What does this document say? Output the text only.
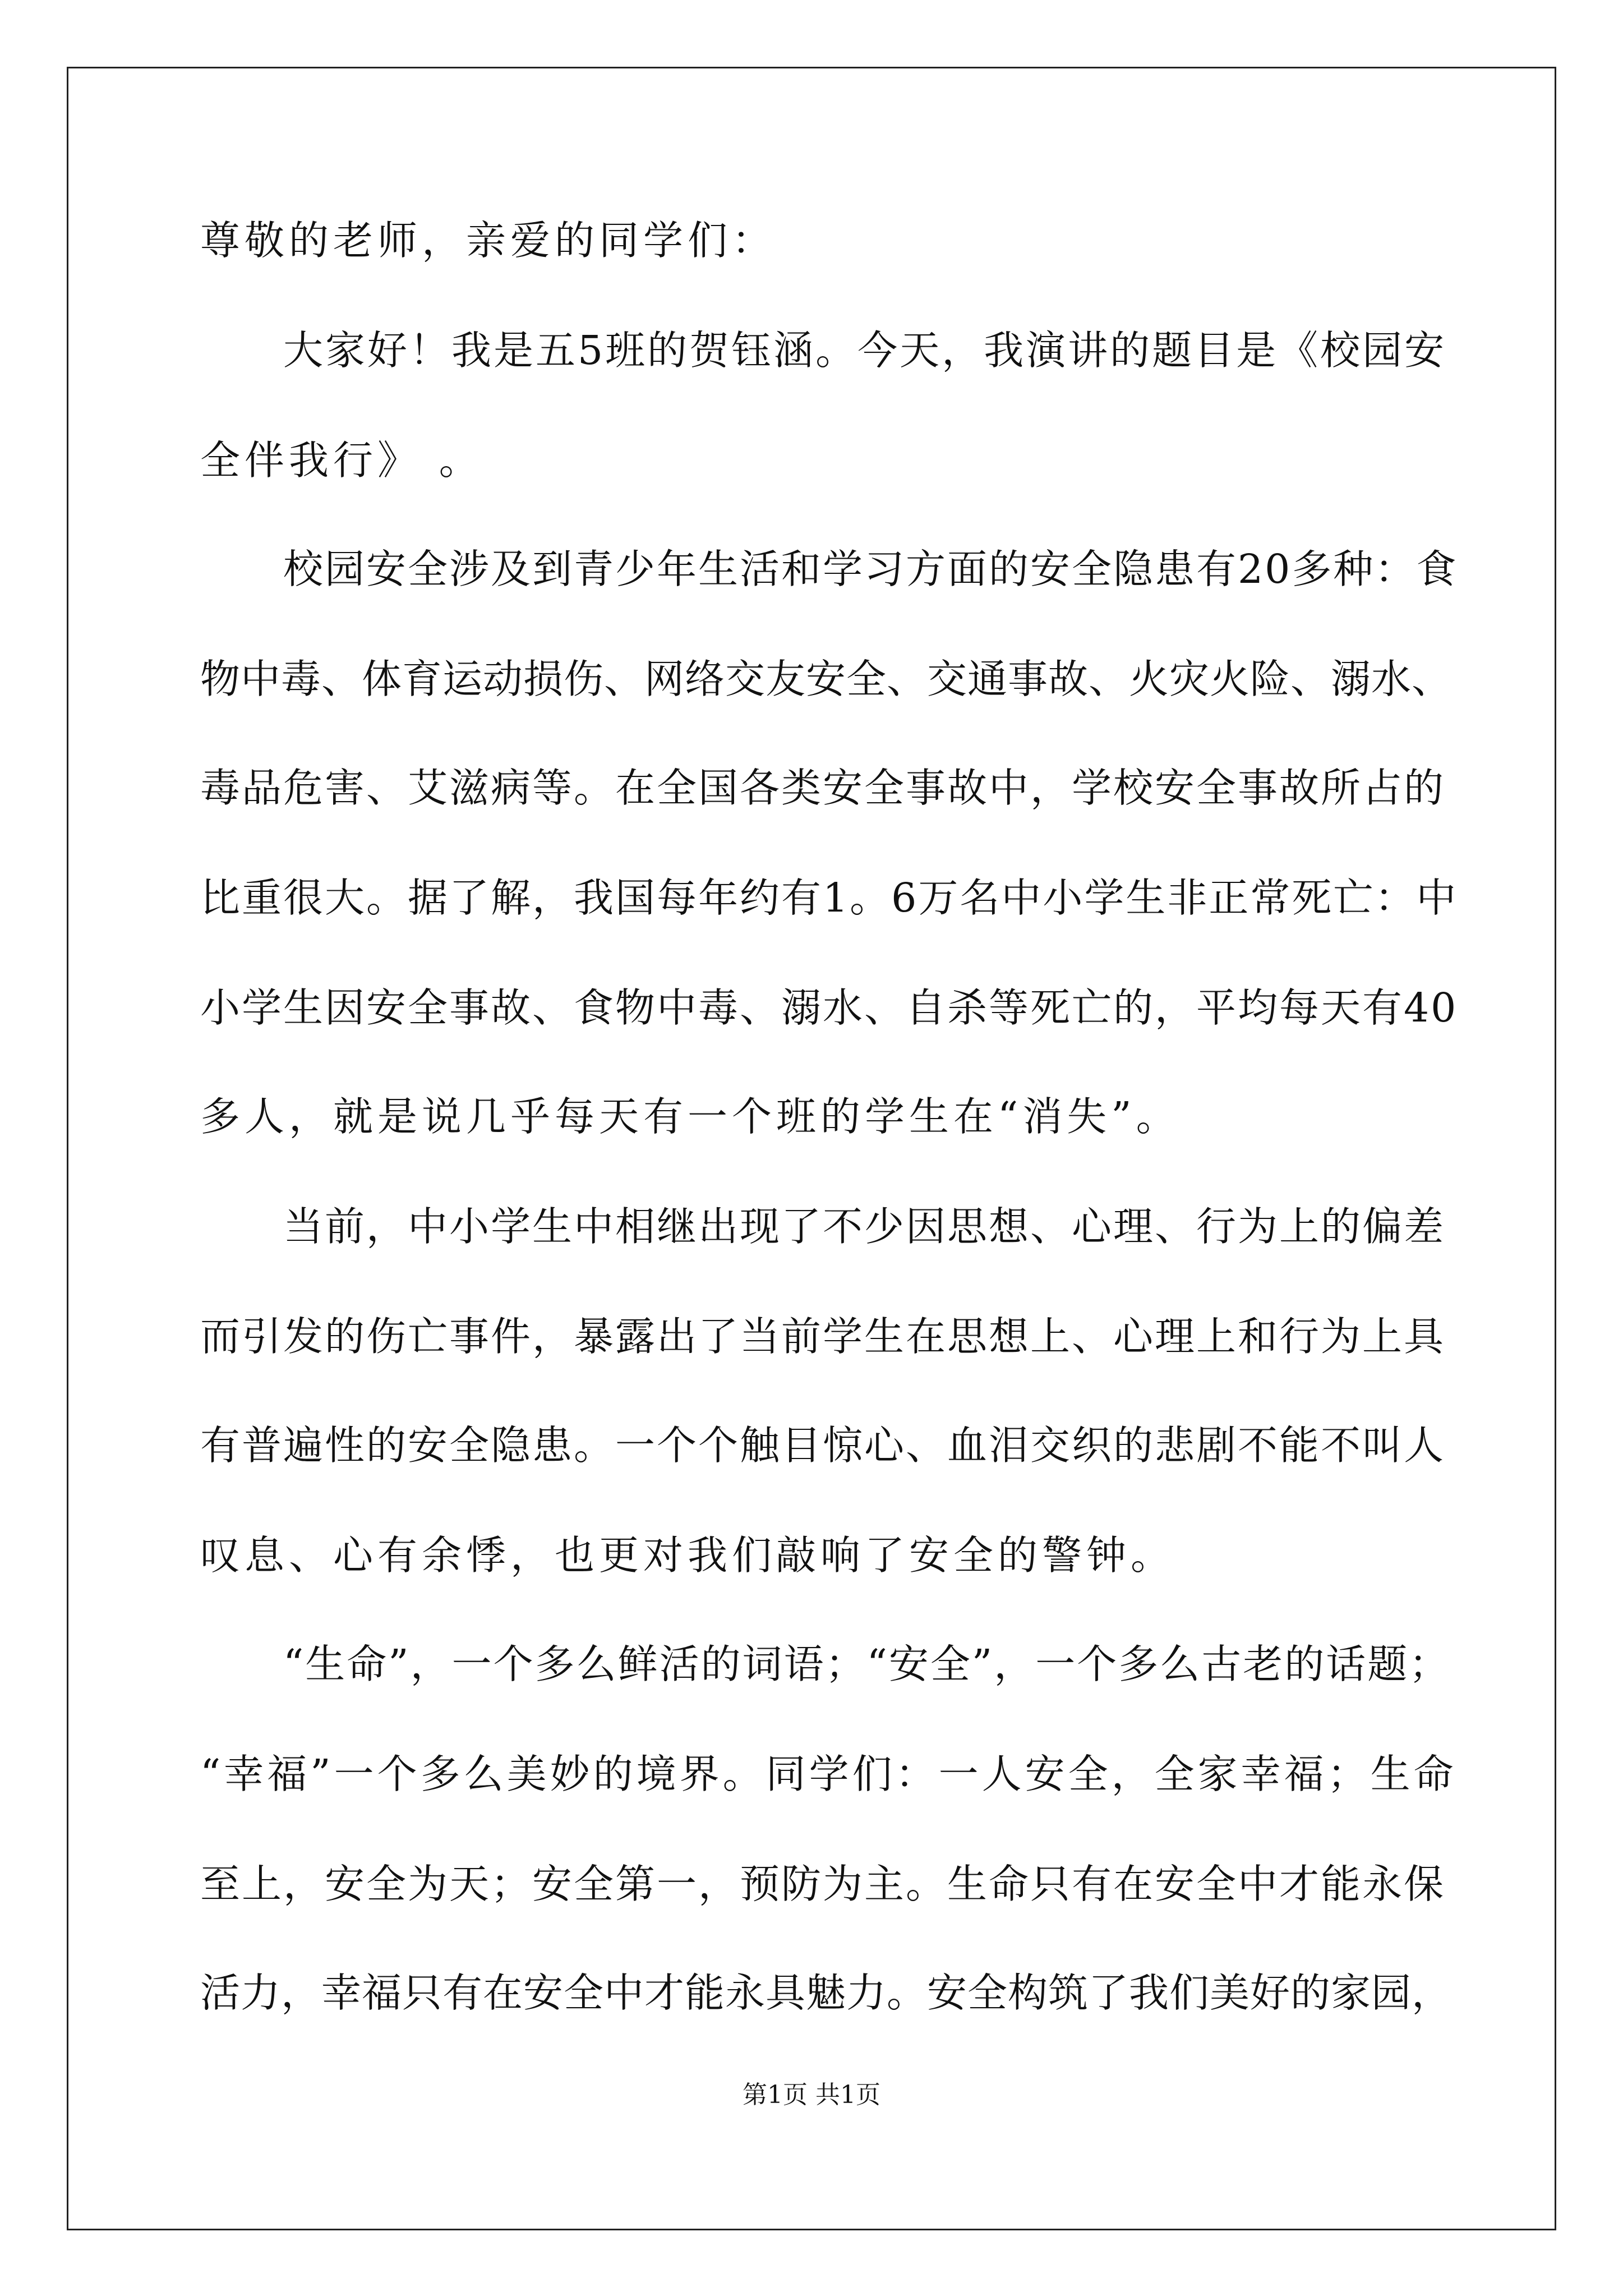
尊敬的老师，亲爱的同学们：
大家好！我是五5班的贺钰涵。今天，我演讲的题目是《校园安
全伴我行》 。
校园安全涉及到青少年生活和学习方面的安全隐患有20多种：食
物中毒、体育运动损伤、网络交友安全、交通事故、火灾火险、溺水、
毒品危害、艾滋病等。在全国各类安全事故中，学校安全事故所占的
比重很大。据了解，我国每年约有1。6万名中小学生非正常死亡：中
小学生因安全事故、食物中毒、溺水、自杀等死亡的，平均每天有40
多人，就是说几乎每天有一个班的学生在“消失”。
当前，中小学生中相继出现了不少因思想、心理、行为上的偏差
而引发的伤亡事件，暴露出了当前学生在思想上、心理上和行为上具
有普遍性的安全隐患。一个个触目惊心、血泪交织的悲剧不能不叫人
叹息、心有余悸，也更对我们敲响了安全的警钟。
“生命”，一个多么鲜活的词语；“安全”，一个多么古老的话题；
“幸福”一个多么美妙的境界。同学们：一人安全，全家幸福；生命
至上，安全为天；安全第一，预防为主。生命只有在安全中才能永保
活力，幸福只有在安全中才能永具魅力。安全构筑了我们美好的家园，
第1页 共1页
